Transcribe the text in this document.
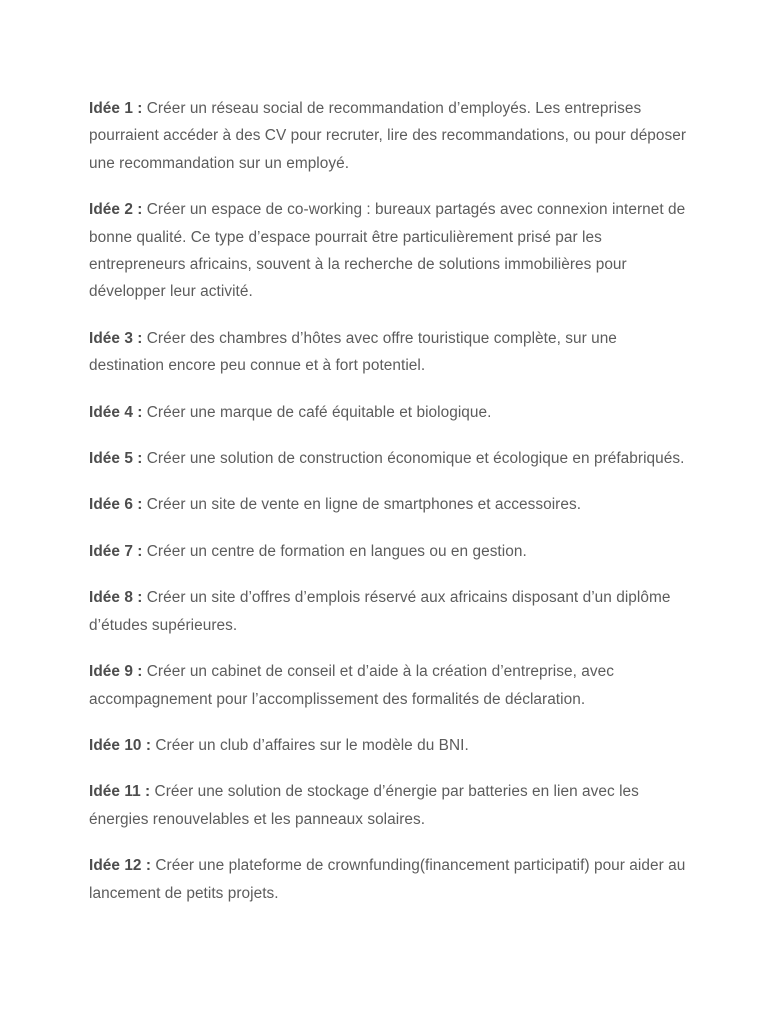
Idée 1 : Créer un réseau social de recommandation d’employés. Les entreprises pourraient accéder à des CV pour recruter, lire des recommandations, ou pour déposer une recommandation sur un employé.

Idée 2 : Créer un espace de co-working : bureaux partagés avec connexion internet de bonne qualité. Ce type d’espace pourrait être particulièrement prisé par les entrepreneurs africains, souvent à la recherche de solutions immobilières pour développer leur activité.

Idée 3 : Créer des chambres d’hôtes avec offre touristique complète, sur une destination encore peu connue et à fort potentiel.

Idée 4 : Créer une marque de café équitable et biologique.

Idée 5 : Créer une solution de construction économique et écologique en préfabriqués.

Idée 6 : Créer un site de vente en ligne de smartphones et accessoires.

Idée 7 : Créer un centre de formation en langues ou en gestion.

Idée 8 : Créer un site d’offres d’emplois réservé aux africains disposant d’un diplôme d’études supérieures.

Idée 9 : Créer un cabinet de conseil et d’aide à la création d’entreprise, avec accompagnement pour l’accomplissement des formalités de déclaration.

Idée 10 : Créer un club d’affaires sur le modèle du BNI.

Idée 11 : Créer une solution de stockage d’énergie par batteries en lien avec les énergies renouvelables et les panneaux solaires.

Idée 12 : Créer une plateforme de crownfunding(financement participatif) pour aider au lancement de petits projets.
